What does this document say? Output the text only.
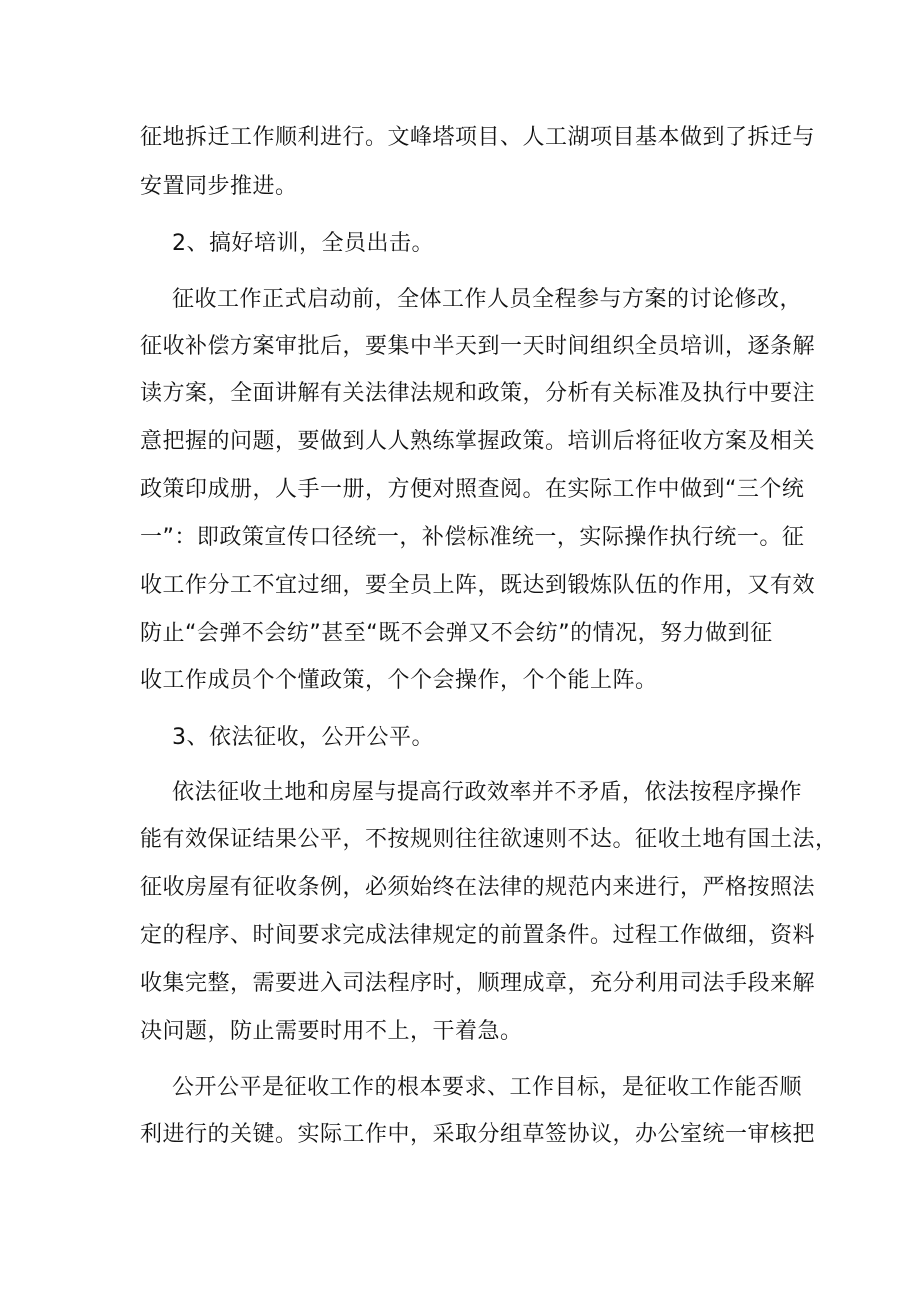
征地拆迁工作顺利进行。文峰塔项目、人工湖项目基本做到了拆迁与

安置同步推进。

2、搞好培训，全员出击。

征收工作正式启动前，全体工作人员全程参与方案的讨论修改，

征收补偿方案审批后，要集中半天到一天时间组织全员培训，逐条解

读方案，全面讲解有关法律法规和政策，分析有关标准及执行中要注

意把握的问题，要做到人人熟练掌握政策。培训后将征收方案及相关

政策印成册，人手一册，方便对照查阅。在实际工作中做到“三个统

一”：即政策宣传口径统一，补偿标准统一，实际操作执行统一。征

收工作分工不宜过细，要全员上阵，既达到锻炼队伍的作用，又有效

防止“会弹不会纺”甚至“既不会弹又不会纺”的情况，努力做到征

收工作成员个个懂政策，个个会操作，个个能上阵。

3、依法征收，公开公平。

依法征收土地和房屋与提高行政效率并不矛盾，依法按程序操作

能有效保证结果公平，不按规则往往欲速则不达。征收土地有国土法，

征收房屋有征收条例，必须始终在法律的规范内来进行，严格按照法

定的程序、时间要求完成法律规定的前置条件。过程工作做细，资料

收集完整，需要进入司法程序时，顺理成章，充分利用司法手段来解

决问题，防止需要时用不上，干着急。

公开公平是征收工作的根本要求、工作目标，是征收工作能否顺

利进行的关键。实际工作中，采取分组草签协议，办公室统一审核把
